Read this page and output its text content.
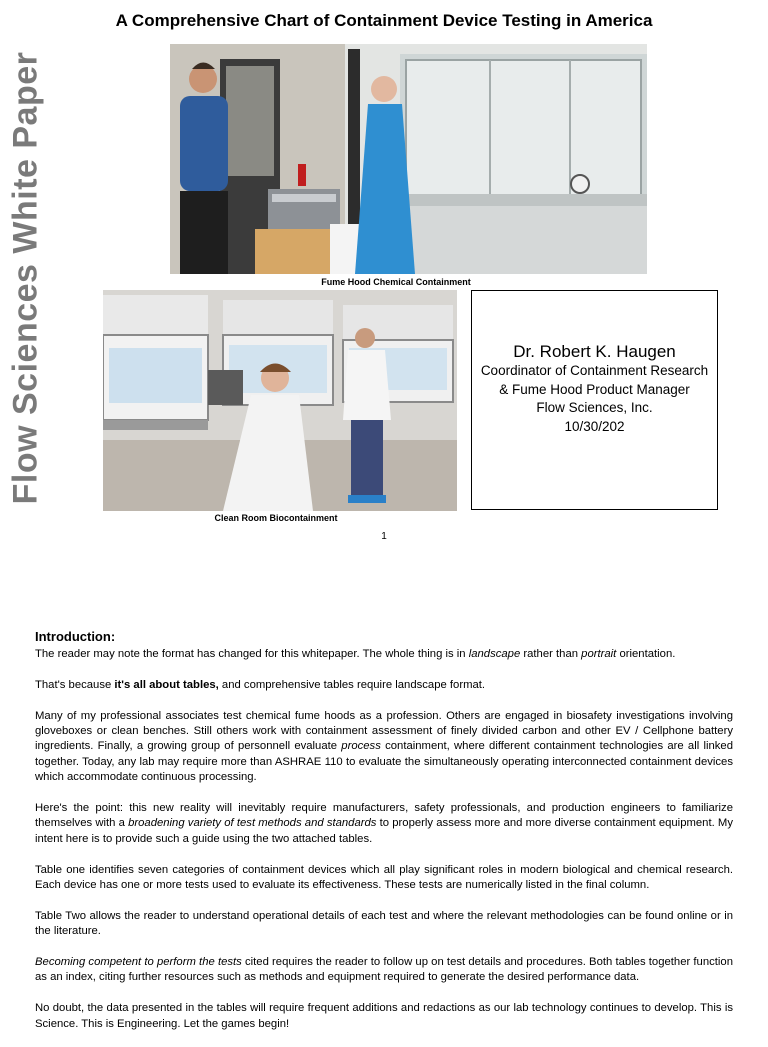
Flow Sciences White Paper
A Comprehensive Chart of Containment Device Testing in America
Fume Hood Chemical Containment
Clean Room Biocontainment
Dr. Robert K. Haugen
Coordinator of Containment Research
& Fume Hood Product Manager
Flow Sciences, Inc.
10/30/202
1
Introduction:

The reader may note the format has changed for this whitepaper. The whole thing is in landscape rather than portrait orientation.

That's because it's all about tables, and comprehensive tables require landscape format.

Many of my professional associates test chemical fume hoods as a profession. Others are engaged in biosafety investigations involving gloveboxes or clean benches. Still others work with containment assessment of finely divided carbon and other EV / Cellphone battery ingredients. Finally, a growing group of personnell evaluate process containment, where different containment technologies are all linked together. Today, any lab may require more than ASHRAE 110 to evaluate the simultaneously operating interconnected containment devices which accommodate continuous processing.

Here's the point: this new reality will inevitably require manufacturers, safety professionals, and production engineers to familiarize themselves with a broadening variety of test methods and standards to properly assess more and more diverse containment equipment. My intent here is to provide such a guide using the two attached tables.

Table one identifies seven categories of containment devices which all play significant roles in modern biological and chemical research. Each device has one or more tests used to evaluate its effectiveness. These tests are numerically listed in the final column.

Table Two allows the reader to understand operational details of each test and where the relevant methodologies can be found online or in the literature.

Becoming competent to perform the tests cited requires the reader to follow up on test details and procedures. Both tables together function as an index, citing further resources such as methods and equipment required to generate the desired performance data.

No doubt, the data presented in the tables will require frequent additions and redactions as our lab technology continues to develop. This is Science. This is Engineering. Let the games begin!
